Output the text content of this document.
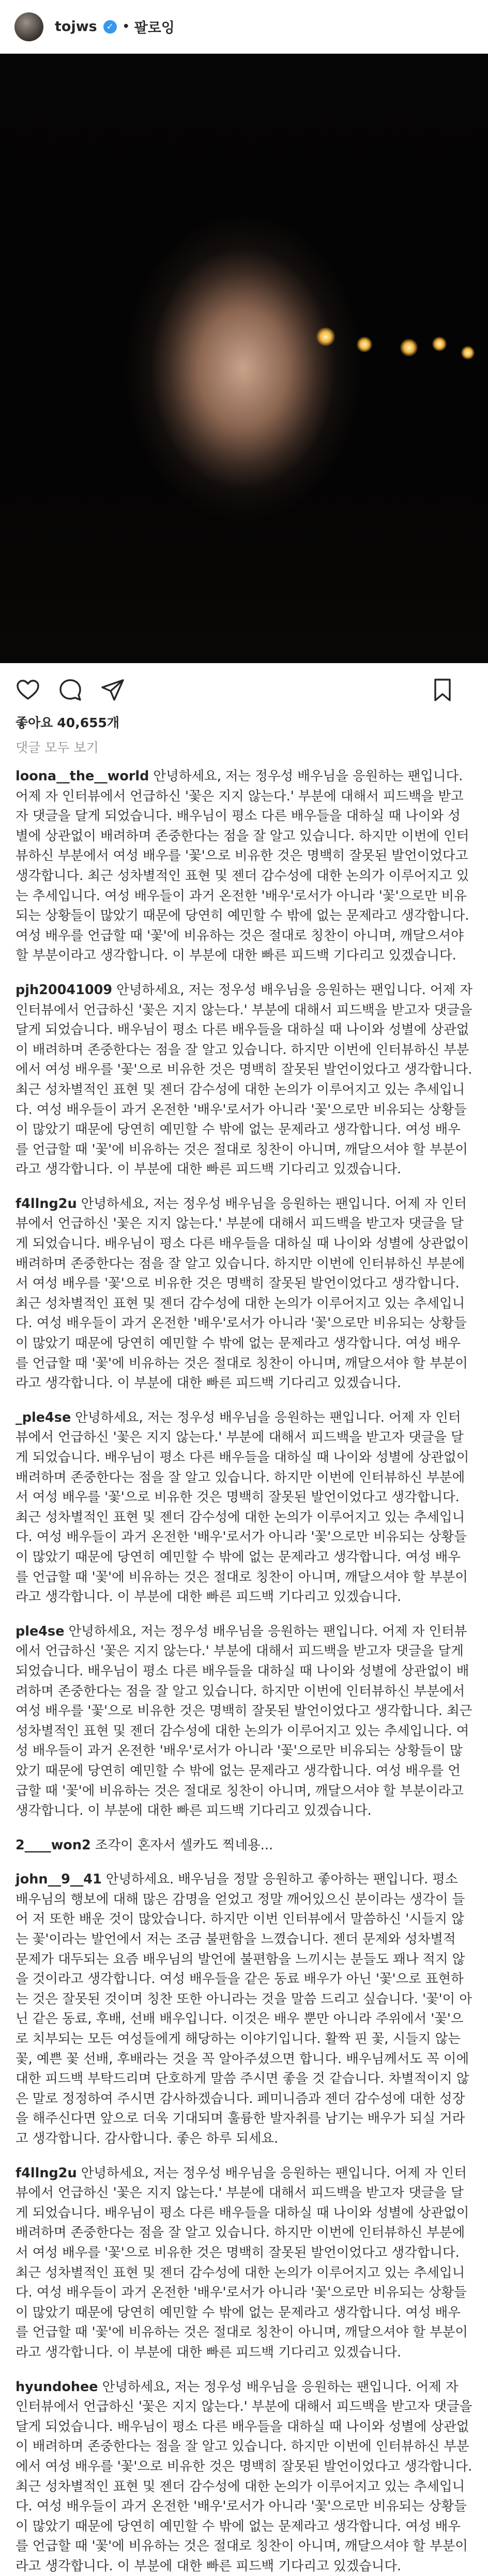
tojws	✓ • 팔로잉
좋아요 40,655개
댓글 모두 보기
loona__the__world 안녕하세요, 저는 정우성 배우님을 응원하는 팬입니다. 어제 자 인터뷰에서 언급하신 '꽃은 지지 않는다.' 부분에 대해서 피드백을 받고자 댓글을 달게 되었습니다. 배우님이 평소 다른 배우들을 대하실 때 나이와 성별에 상관없이 배려하며 존중한다는 점을 잘 알고 있습니다. 하지만 이번에 인터뷰하신 부분에서 여성 배우를 '꽃'으로 비유한 것은 명백히 잘못된 발언이었다고 생각합니다. 최근 성차별적인 표현 및 젠더 감수성에 대한 논의가 이루어지고 있는 추세입니다. 여성 배우들이 과거 온전한 '배우'로서가 아니라 '꽃'으로만 비유되는 상황들이 많았기 때문에 당연히 예민할 수 밖에 없는 문제라고 생각합니다. 여성 배우를 언급할 때 '꽃'에 비유하는 것은 절대로 칭찬이 아니며, 깨달으셔야 할 부분이라고 생각합니다. 이 부분에 대한 빠른 피드백 기다리고 있겠습니다.
pjh20041009 안녕하세요, 저는 정우성 배우님을 응원하는 팬입니다. 어제 자 인터뷰에서 언급하신 '꽃은 지지 않는다.' 부분에 대해서 피드백을 받고자 댓글을 달게 되었습니다. 배우님이 평소 다른 배우들을 대하실 때 나이와 성별에 상관없이 배려하며 존중한다는 점을 잘 알고 있습니다. 하지만 이번에 인터뷰하신 부분에서 여성 배우를 '꽃'으로 비유한 것은 명백히 잘못된 발언이었다고 생각합니다. 최근 성차별적인 표현 및 젠더 감수성에 대한 논의가 이루어지고 있는 추세입니다. 여성 배우들이 과거 온전한 '배우'로서가 아니라 '꽃'으로만 비유되는 상황들이 많았기 때문에 당연히 예민할 수 밖에 없는 문제라고 생각합니다. 여성 배우를 언급할 때 '꽃'에 비유하는 것은 절대로 칭찬이 아니며, 깨달으셔야 할 부분이라고 생각합니다. 이 부분에 대한 빠른 피드백 기다리고 있겠습니다.
f4llng2u 안녕하세요, 저는 정우성 배우님을 응원하는 팬입니다. 어제 자 인터뷰에서 언급하신 '꽃은 지지 않는다.' 부분에 대해서 피드백을 받고자 댓글을 달게 되었습니다. 배우님이 평소 다른 배우들을 대하실 때 나이와 성별에 상관없이 배려하며 존중한다는 점을 잘 알고 있습니다. 하지만 이번에 인터뷰하신 부분에서 여성 배우를 '꽃'으로 비유한 것은 명백히 잘못된 발언이었다고 생각합니다. 최근 성차별적인 표현 및 젠더 감수성에 대한 논의가 이루어지고 있는 추세입니다. 여성 배우들이 과거 온전한 '배우'로서가 아니라 '꽃'으로만 비유되는 상황들이 많았기 때문에 당연히 예민할 수 밖에 없는 문제라고 생각합니다. 여성 배우를 언급할 때 '꽃'에 비유하는 것은 절대로 칭찬이 아니며, 깨달으셔야 할 부분이라고 생각합니다. 이 부분에 대한 빠른 피드백 기다리고 있겠습니다.
_ple4se 안녕하세요, 저는 정우성 배우님을 응원하는 팬입니다. 어제 자 인터뷰에서 언급하신 '꽃은 지지 않는다.' 부분에 대해서 피드백을 받고자 댓글을 달게 되었습니다. 배우님이 평소 다른 배우들을 대하실 때 나이와 성별에 상관없이 배려하며 존중한다는 점을 잘 알고 있습니다. 하지만 이번에 인터뷰하신 부분에서 여성 배우를 '꽃'으로 비유한 것은 명백히 잘못된 발언이었다고 생각합니다. 최근 성차별적인 표현 및 젠더 감수성에 대한 논의가 이루어지고 있는 추세입니다. 여성 배우들이 과거 온전한 '배우'로서가 아니라 '꽃'으로만 비유되는 상황들이 많았기 때문에 당연히 예민할 수 밖에 없는 문제라고 생각합니다. 여성 배우를 언급할 때 '꽃'에 비유하는 것은 절대로 칭찬이 아니며, 깨달으셔야 할 부분이라고 생각합니다. 이 부분에 대한 빠른 피드백 기다리고 있겠습니다.
ple4se 안녕하세요, 저는 정우성 배우님을 응원하는 팬입니다. 어제 자 인터뷰에서 언급하신 '꽃은 지지 않는다.' 부분에 대해서 피드백을 받고자 댓글을 달게 되었습니다. 배우님이 평소 다른 배우들을 대하실 때 나이와 성별에 상관없이 배려하며 존중한다는 점을 잘 알고 있습니다. 하지만 이번에 인터뷰하신 부분에서 여성 배우를 '꽃'으로 비유한 것은 명백히 잘못된 발언이었다고 생각합니다. 최근 성차별적인 표현 및 젠더 감수성에 대한 논의가 이루어지고 있는 추세입니다. 여성 배우들이 과거 온전한 '배우'로서가 아니라 '꽃'으로만 비유되는 상황들이 많았기 때문에 당연히 예민할 수 밖에 없는 문제라고 생각합니다. 여성 배우를 언급할 때 '꽃'에 비유하는 것은 절대로 칭찬이 아니며, 깨달으셔야 할 부분이라고 생각합니다. 이 부분에 대한 빠른 피드백 기다리고 있겠습니다.
2____won2 조각이 혼자서 셀카도 찍네용...
john__9__41 안녕하세요. 배우님을 정말 응원하고 좋아하는 팬입니다. 평소 배우님의 행보에 대해 많은 감명을 얻었고 정말 깨어있으신 분이라는 생각이 들어 저 또한 배운 것이 많았습니다. 하지만 이번 인터뷰에서 말씀하신 '시들지 않는 꽃'이라는 발언에서 저는 조금 불편함을 느꼈습니다. 젠더 문제와 성차별적 문제가 대두되는 요즘 배우님의 발언에 불편함을 느끼시는 분들도 꽤나 적지 않을 것이라고 생각합니다. 여성 배우들을 같은 동료 배우가 아닌 '꽃'으로 표현하는 것은 잘못된 것이며 칭찬 또한 아니라는 것을 말씀 드리고 싶습니다. '꽃'이 아닌 같은 동료, 후배, 선배 배우입니다. 이것은 배우 뿐만 아니라 주위에서 '꽃'으로 치부되는 모든 여성들에게 해당하는 이야기입니다. 활짝 핀 꽃, 시들지 않는 꽃, 예쁜 꽃 선배, 후배라는 것을 꼭 알아주셨으면 합니다. 배우님께서도 꼭 이에 대한 피드백 부탁드리며 단호하게 말씀 주시면 좋을 것 같습니다. 차별적이지 않은 말로 정정하여 주시면 감사하겠습니다. 페미니즘과 젠더 감수성에 대한 성장을 해주신다면 앞으로 더욱 기대되며 훌륭한 발자취를 남기는 배우가 되실 거라고 생각합니다. 감사합니다. 좋은 하루 되세요.
f4llng2u 안녕하세요, 저는 정우성 배우님을 응원하는 팬입니다. 어제 자 인터뷰에서 언급하신 '꽃은 지지 않는다.' 부분에 대해서 피드백을 받고자 댓글을 달게 되었습니다. 배우님이 평소 다른 배우들을 대하실 때 나이와 성별에 상관없이 배려하며 존중한다는 점을 잘 알고 있습니다. 하지만 이번에 인터뷰하신 부분에서 여성 배우를 '꽃'으로 비유한 것은 명백히 잘못된 발언이었다고 생각합니다. 최근 성차별적인 표현 및 젠더 감수성에 대한 논의가 이루어지고 있는 추세입니다. 여성 배우들이 과거 온전한 '배우'로서가 아니라 '꽃'으로만 비유되는 상황들이 많았기 때문에 당연히 예민할 수 밖에 없는 문제라고 생각합니다. 여성 배우를 언급할 때 '꽃'에 비유하는 것은 절대로 칭찬이 아니며, 깨달으셔야 할 부분이라고 생각합니다. 이 부분에 대한 빠른 피드백 기다리고 있겠습니다.
hyundohee 안녕하세요, 저는 정우성 배우님을 응원하는 팬입니다. 어제 자 인터뷰에서 언급하신 '꽃은 지지 않는다.' 부분에 대해서 피드백을 받고자 댓글을 달게 되었습니다. 배우님이 평소 다른 배우들을 대하실 때 나이와 성별에 상관없이 배려하며 존중한다는 점을 잘 알고 있습니다. 하지만 이번에 인터뷰하신 부분에서 여성 배우를 '꽃'으로 비유한 것은 명백히 잘못된 발언이었다고 생각합니다. 최근 성차별적인 표현 및 젠더 감수성에 대한 논의가 이루어지고 있는 추세입니다. 여성 배우들이 과거 온전한 '배우'로서가 아니라 '꽃'으로만 비유되는 상황들이 많았기 때문에 당연히 예민할 수 밖에 없는 문제라고 생각합니다. 여성 배우를 언급할 때 '꽃'에 비유하는 것은 절대로 칭찬이 아니며, 깨달으셔야 할 부분이라고 생각합니다. 이 부분에 대한 빠른 피드백 기다리고 있겠습니다.
